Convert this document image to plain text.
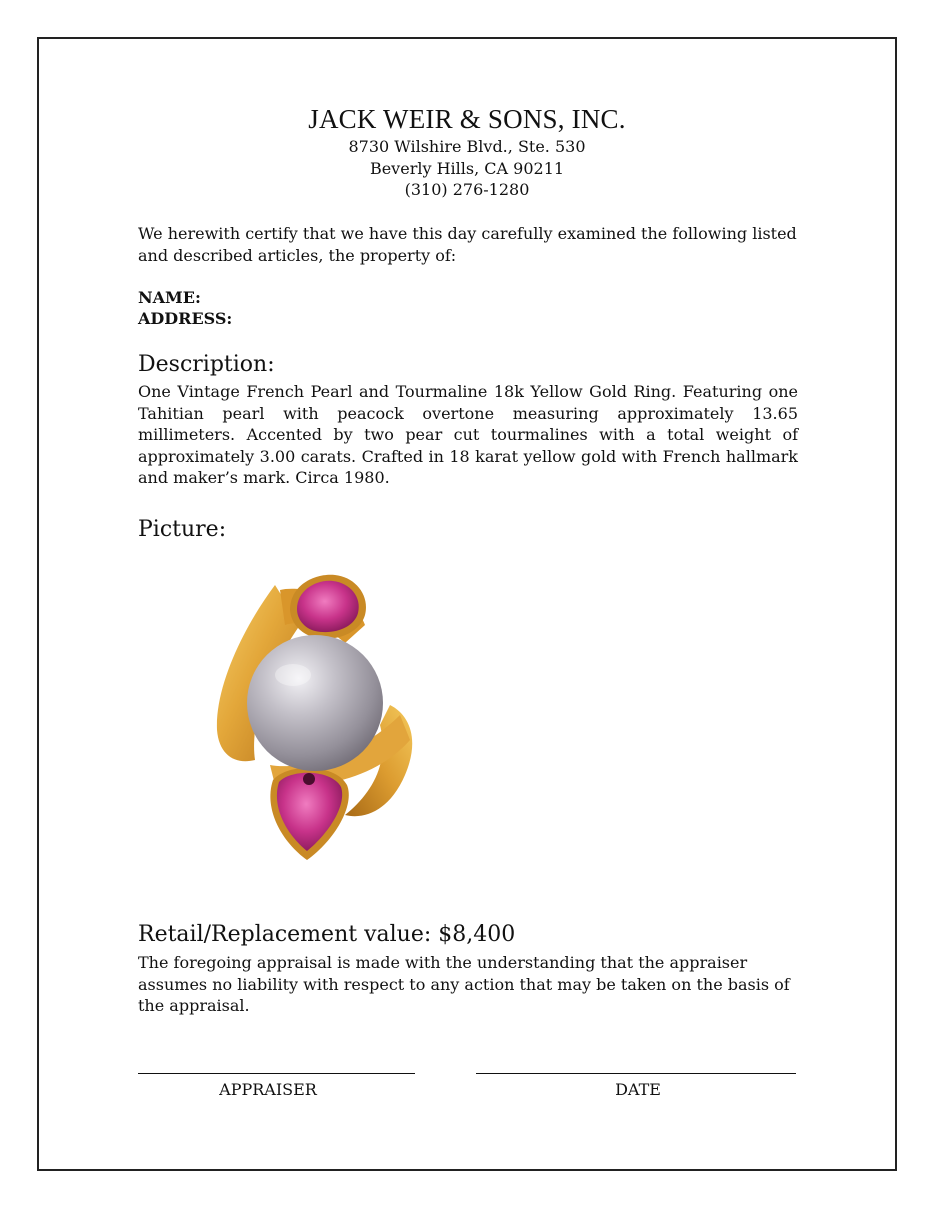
JACK WEIR & SONS, INC.
8730 Wilshire Blvd., Ste. 530
Beverly Hills, CA 90211
(310) 276-1280
We herewith certify that we have this day carefully examined the following listed and described articles, the property of:
NAME:
ADDRESS:
Description:
One Vintage French Pearl and Tourmaline 18k Yellow Gold Ring. Featuring one Tahitian pearl with peacock overtone measuring approximately 13.65 millimeters. Accented by two pear cut tourmalines with a total weight of approximately 3.00 carats. Crafted in 18 karat yellow gold with French hallmark and maker’s mark. Circa 1980.
Picture:
Retail/Replacement value: $8,400
The foregoing appraisal is made with the understanding that the appraiser assumes no liability with respect to any action that may be taken on the basis of the appraisal.
APPRAISER	DATE
